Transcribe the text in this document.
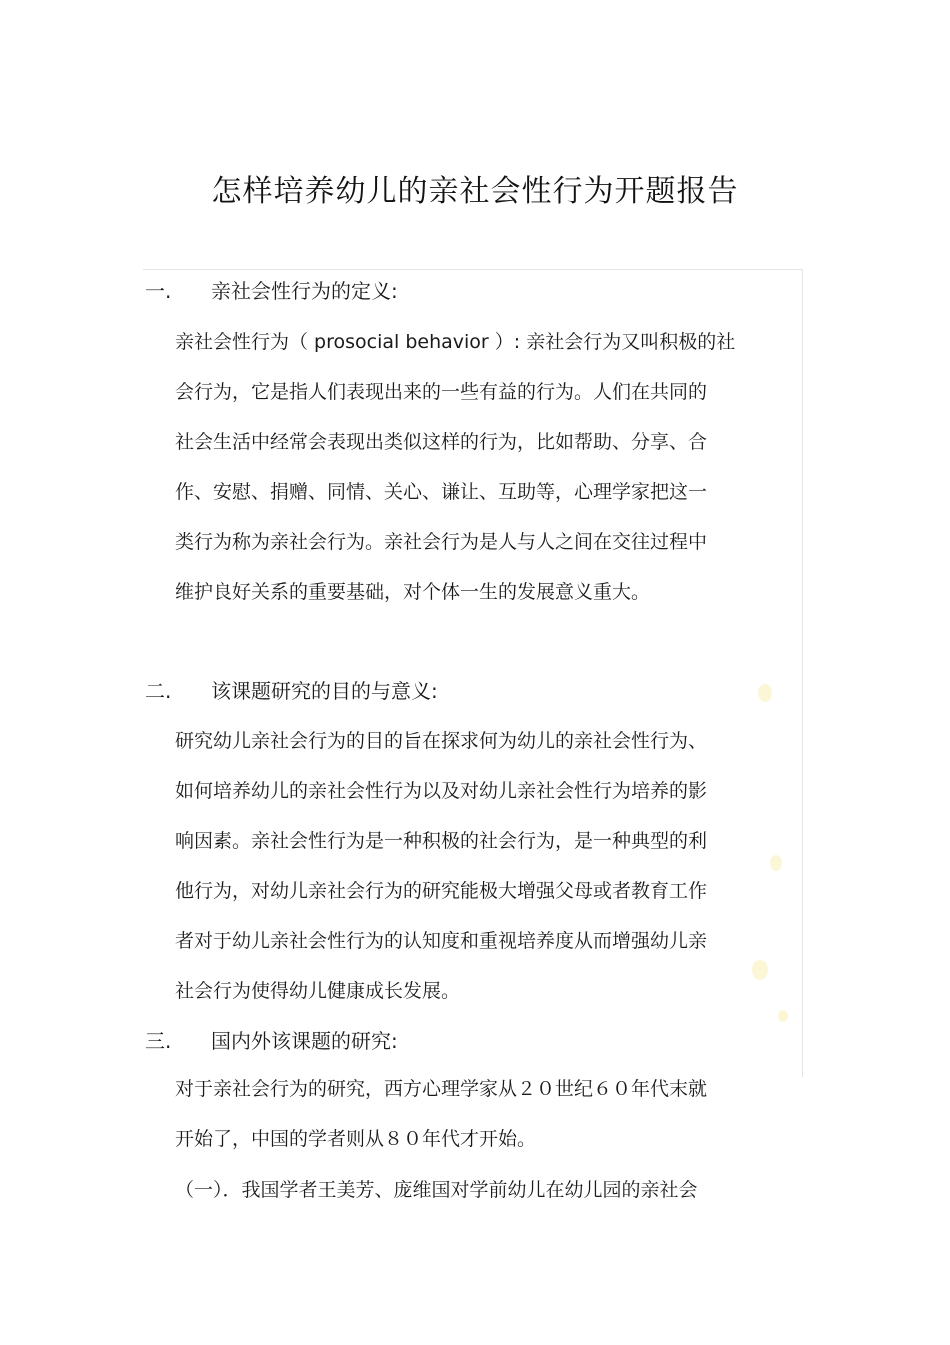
怎样培养幼儿的亲社会性行为开题报告
一. 亲社会性行为的定义:
亲社会性行为（ prosocial behavior ）: 亲社会行为又叫积极的社
会行为，它是指人们表现出来的一些有益的行为。人们在共同的
社会生活中经常会表现出类似这样的行为，比如帮助、分享、合
作、安慰、捐赠、同情、关心、谦让、互助等，心理学家把这一
类行为称为亲社会行为。亲社会行为是人与人之间在交往过程中
维护良好关系的重要基础，对个体一生的发展意义重大。
二. 该课题研究的目的与意义:
研究幼儿亲社会行为的目的旨在探求何为幼儿的亲社会性行为、
如何培养幼儿的亲社会性行为以及对幼儿亲社会性行为培养的影
响因素。亲社会性行为是一种积极的社会行为，是一种典型的利
他行为，对幼儿亲社会行为的研究能极大增强父母或者教育工作
者对于幼儿亲社会性行为的认知度和重视培养度从而增强幼儿亲
社会行为使得幼儿健康成长发展。
三. 国内外该课题的研究:
对于亲社会行为的研究，西方心理学家从２０世纪６０年代末就
开始了，中国的学者则从８０年代才开始。
（一）．我国学者王美芳、庞维国对学前幼儿在幼儿园的亲社会
